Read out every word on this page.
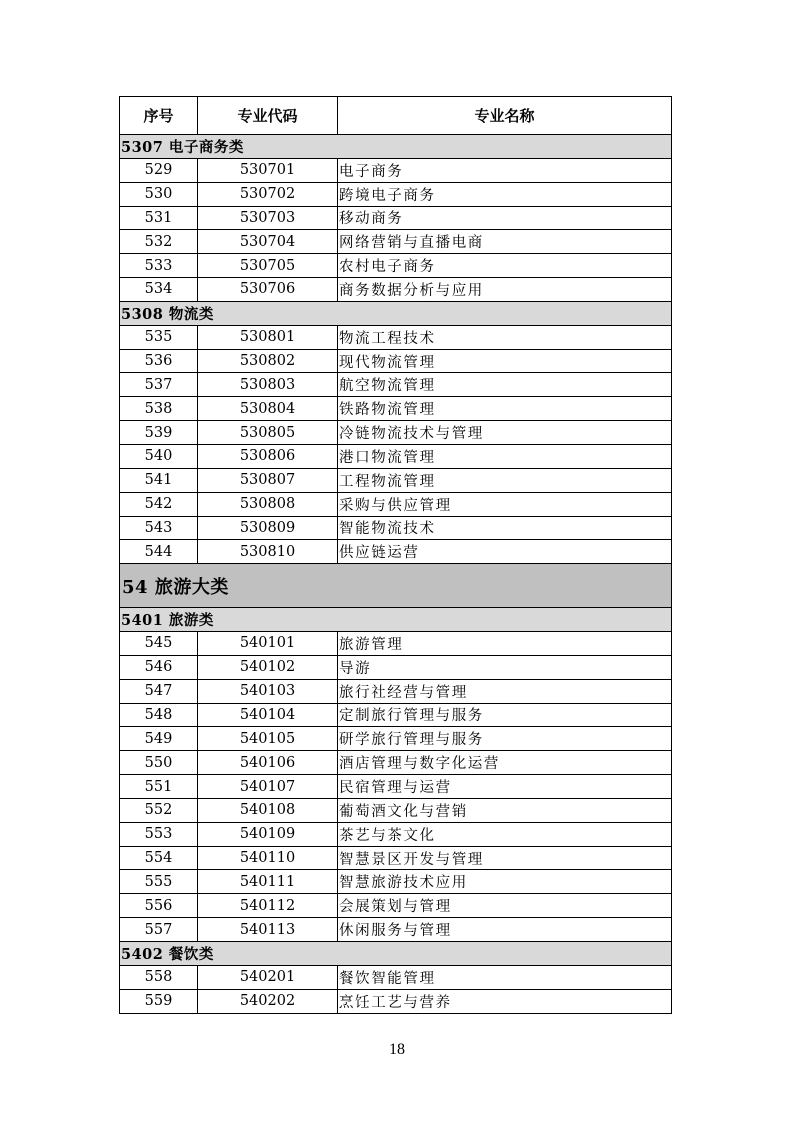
序号	专业代码	专业名称
5307 电子商务类
529	530701	电子商务
530	530702	跨境电子商务
531	530703	移动商务
532	530704	网络营销与直播电商
533	530705	农村电子商务
534	530706	商务数据分析与应用
5308 物流类
535	530801	物流工程技术
536	530802	现代物流管理
537	530803	航空物流管理
538	530804	铁路物流管理
539	530805	冷链物流技术与管理
540	530806	港口物流管理
541	530807	工程物流管理
542	530808	采购与供应管理
543	530809	智能物流技术
544	530810	供应链运营
54 旅游大类
5401 旅游类
545	540101	旅游管理
546	540102	导游
547	540103	旅行社经营与管理
548	540104	定制旅行管理与服务
549	540105	研学旅行管理与服务
550	540106	酒店管理与数字化运营
551	540107	民宿管理与运营
552	540108	葡萄酒文化与营销
553	540109	茶艺与茶文化
554	540110	智慧景区开发与管理
555	540111	智慧旅游技术应用
556	540112	会展策划与管理
557	540113	休闲服务与管理
5402 餐饮类
558	540201	餐饮智能管理
559	540202	烹饪工艺与营养
18
